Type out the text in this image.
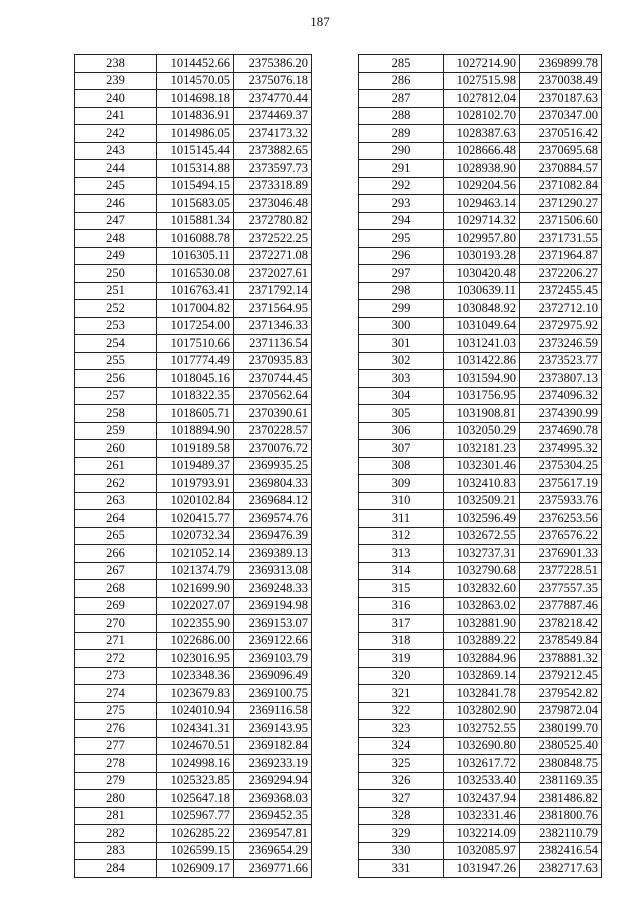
187
238	1014452.66	2375386.20
239	1014570.05	2375076.18
240	1014698.18	2374770.44
241	1014836.91	2374469.37
242	1014986.05	2374173.32
243	1015145.44	2373882.65
244	1015314.88	2373597.73
245	1015494.15	2373318.89
246	1015683.05	2373046.48
247	1015881.34	2372780.82
248	1016088.78	2372522.25
249	1016305.11	2372271.08
250	1016530.08	2372027.61
251	1016763.41	2371792.14
252	1017004.82	2371564.95
253	1017254.00	2371346.33
254	1017510.66	2371136.54
255	1017774.49	2370935.83
256	1018045.16	2370744.45
257	1018322.35	2370562.64
258	1018605.71	2370390.61
259	1018894.90	2370228.57
260	1019189.58	2370076.72
261	1019489.37	2369935.25
262	1019793.91	2369804.33
263	1020102.84	2369684.12
264	1020415.77	2369574.76
265	1020732.34	2369476.39
266	1021052.14	2369389.13
267	1021374.79	2369313.08
268	1021699.90	2369248.33
269	1022027.07	2369194.98
270	1022355.90	2369153.07
271	1022686.00	2369122.66
272	1023016.95	2369103.79
273	1023348.36	2369096.49
274	1023679.83	2369100.75
275	1024010.94	2369116.58
276	1024341.31	2369143.95
277	1024670.51	2369182.84
278	1024998.16	2369233.19
279	1025323.85	2369294.94
280	1025647.18	2369368.03
281	1025967.77	2369452.35
282	1026285.22	2369547.81
283	1026599.15	2369654.29
284	1026909.17	2369771.66
285	1027214.90	2369899.78
286	1027515.98	2370038.49
287	1027812.04	2370187.63
288	1028102.70	2370347.00
289	1028387.63	2370516.42
290	1028666.48	2370695.68
291	1028938.90	2370884.57
292	1029204.56	2371082.84
293	1029463.14	2371290.27
294	1029714.32	2371506.60
295	1029957.80	2371731.55
296	1030193.28	2371964.87
297	1030420.48	2372206.27
298	1030639.11	2372455.45
299	1030848.92	2372712.10
300	1031049.64	2372975.92
301	1031241.03	2373246.59
302	1031422.86	2373523.77
303	1031594.90	2373807.13
304	1031756.95	2374096.32
305	1031908.81	2374390.99
306	1032050.29	2374690.78
307	1032181.23	2374995.32
308	1032301.46	2375304.25
309	1032410.83	2375617.19
310	1032509.21	2375933.76
311	1032596.49	2376253.56
312	1032672.55	2376576.22
313	1032737.31	2376901.33
314	1032790.68	2377228.51
315	1032832.60	2377557.35
316	1032863.02	2377887.46
317	1032881.90	2378218.42
318	1032889.22	2378549.84
319	1032884.96	2378881.32
320	1032869.14	2379212.45
321	1032841.78	2379542.82
322	1032802.90	2379872.04
323	1032752.55	2380199.70
324	1032690.80	2380525.40
325	1032617.72	2380848.75
326	1032533.40	2381169.35
327	1032437.94	2381486.82
328	1032331.46	2381800.76
329	1032214.09	2382110.79
330	1032085.97	2382416.54
331	1031947.26	2382717.63
